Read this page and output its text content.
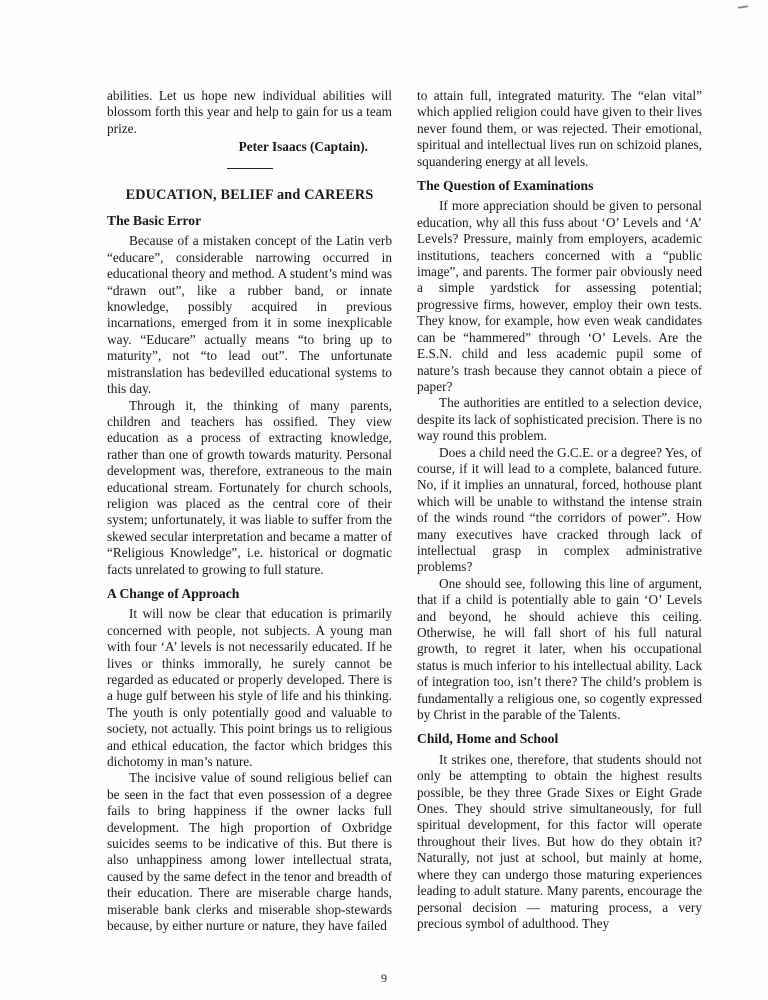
abilities. Let us hope new individual abilities will blossom forth this year and help to gain for us a team prize.

Peter Isaacs (Captain).
EDUCATION, BELIEF and CAREERS
The Basic Error

Because of a mistaken concept of the Latin verb “educare”, considerable narrowing occurred in educational theory and method. A student’s mind was “drawn out”, like a rubber band, or innate knowledge, possibly acquired in previous incarnations, emerged from it in some inexplicable way. “Educare” actually means “to bring up to maturity”, not “to lead out”. The unfortunate mistranslation has bedevilled educational systems to this day.

Through it, the thinking of many parents, children and teachers has ossified. They view education as a process of extracting knowledge, rather than one of growth towards maturity. Personal development was, therefore, extraneous to the main educational stream. Fortunately for church schools, religion was placed as the central core of their system; unfortunately, it was liable to suffer from the skewed secular interpretation and became a matter of “Religious Knowledge”, i.e. historical or dogmatic facts unrelated to growing to full stature.

A Change of Approach

It will now be clear that education is primarily concerned with people, not subjects. A young man with four ‘A’ levels is not necessarily educated. If he lives or thinks immorally, he surely cannot be regarded as educated or properly developed. There is a huge gulf between his style of life and his thinking. The youth is only potentially good and valuable to society, not actually. This point brings us to religious and ethical education, the factor which bridges this dichotomy in man’s nature.

The incisive value of sound religious belief can be seen in the fact that even possession of a degree fails to bring happiness if the owner lacks full development. The high proportion of Oxbridge suicides seems to be indicative of this. But there is also unhappiness among lower intellectual strata, caused by the same defect in the tenor and breadth of their education. There are miserable charge hands, miserable bank clerks and miserable shop-stewards because, by either nurture or nature, they have failed

to attain full, integrated maturity. The “elan vital” which applied religion could have given to their lives never found them, or was rejected. Their emotional, spiritual and intellectual lives run on schizoid planes, squandering energy at all levels.

The Question of Examinations

If more appreciation should be given to personal education, why all this fuss about ‘O’ Levels and ‘A’ Levels? Pressure, mainly from employers, academic institutions, teachers concerned with a “public image”, and parents. The former pair obviously need a simple yardstick for assessing potential; progressive firms, however, employ their own tests. They know, for example, how even weak candidates can be “hammered” through ‘O’ Levels. Are the E.S.N. child and less academic pupil some of nature’s trash because they cannot obtain a piece of paper?

The authorities are entitled to a selection device, despite its lack of sophisticated precision. There is no way round this problem.

Does a child need the G.C.E. or a degree? Yes, of course, if it will lead to a complete, balanced future. No, if it implies an unnatural, forced, hothouse plant which will be unable to withstand the intense strain of the winds round “the corridors of power”. How many executives have cracked through lack of intellectual grasp in complex administrative problems?

One should see, following this line of argument, that if a child is potentially able to gain ‘O’ Levels and beyond, he should achieve this ceiling. Otherwise, he will fall short of his full natural growth, to regret it later, when his occupational status is much inferior to his intellectual ability. Lack of integration too, isn’t there? The child’s problem is fundamentally a religious one, so cogently expressed by Christ in the parable of the Talents.

Child, Home and School

It strikes one, therefore, that students should not only be attempting to obtain the highest results possible, be they three Grade Sixes or Eight Grade Ones. They should strive simultaneously, for full spiritual development, for this factor will operate throughout their lives. But how do they obtain it? Naturally, not just at school, but mainly at home, where they can undergo those maturing experiences leading to adult stature. Many parents, encourage the personal decision — maturing process, a very precious symbol of adulthood. They

9
